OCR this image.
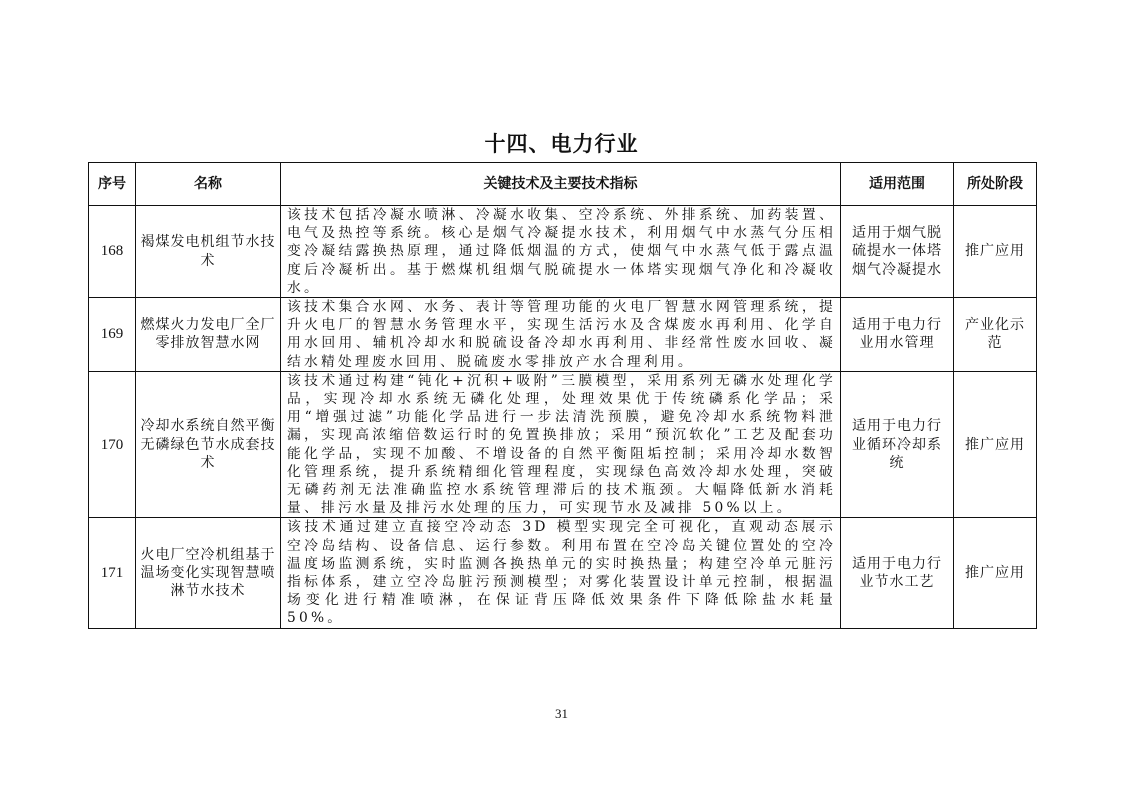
十四、电力行业
序号	名称	关键技术及主要技术指标	适用范围	所处阶段
168	褐煤发电机组节水技术	该技术包括冷凝水喷淋、冷凝水收集、空冷系统、外排系统、加药装置、电气及热控等系统。核心是烟气冷凝提水技术，利用烟气中水蒸气分压相变冷凝结露换热原理，通过降低烟温的方式，使烟气中水蒸气低于露点温度后冷凝析出。基于燃煤机组烟气脱硫提水一体塔实现烟气净化和冷凝收水。	适用于烟气脱硫提水一体塔烟气冷凝提水	推广应用
169	燃煤火力发电厂全厂零排放智慧水网	该技术集合水网、水务、表计等管理功能的火电厂智慧水网管理系统，提升火电厂的智慧水务管理水平，实现生活污水及含煤废水再利用、化学自用水回用、辅机冷却水和脱硫设备冷却水再利用、非经常性废水回收、凝结水精处理废水回用、脱硫废水零排放产水合理利用。	适用于电力行业用水管理	产业化示范
170	冷却水系统自然平衡无磷绿色节水成套技术	该技术通过构建“钝化+沉积+吸附”三膜模型，采用系列无磷水处理化学品，实现冷却水系统无磷化处理，处理效果优于传统磷系化学品；采用“增强过滤”功能化学品进行一步法清洗预膜，避免冷却水系统物料泄漏，实现高浓缩倍数运行时的免置换排放；采用“预沉软化”工艺及配套功能化学品，实现不加酸、不增设备的自然平衡阻垢控制；采用冷却水数智化管理系统，提升系统精细化管理程度，实现绿色高效冷却水处理，突破无磷药剂无法准确监控水系统管理滞后的技术瓶颈。大幅降低新水消耗量、排污水量及排污水处理的压力，可实现节水及减排 50%以上。	适用于电力行业循环冷却系统	推广应用
171	火电厂空冷机组基于温场变化实现智慧喷淋节水技术	该技术通过建立直接空冷动态 3D 模型实现完全可视化，直观动态展示空冷岛结构、设备信息、运行参数。利用布置在空冷岛关键位置处的空冷温度场监测系统，实时监测各换热单元的实时换热量；构建空冷单元脏污指标体系，建立空冷岛脏污预测模型；对雾化装置设计单元控制，根据温场变化进行精准喷淋，在保证背压降低效果条件下降低除盐水耗量 50%。	适用于电力行业节水工艺	推广应用
31
